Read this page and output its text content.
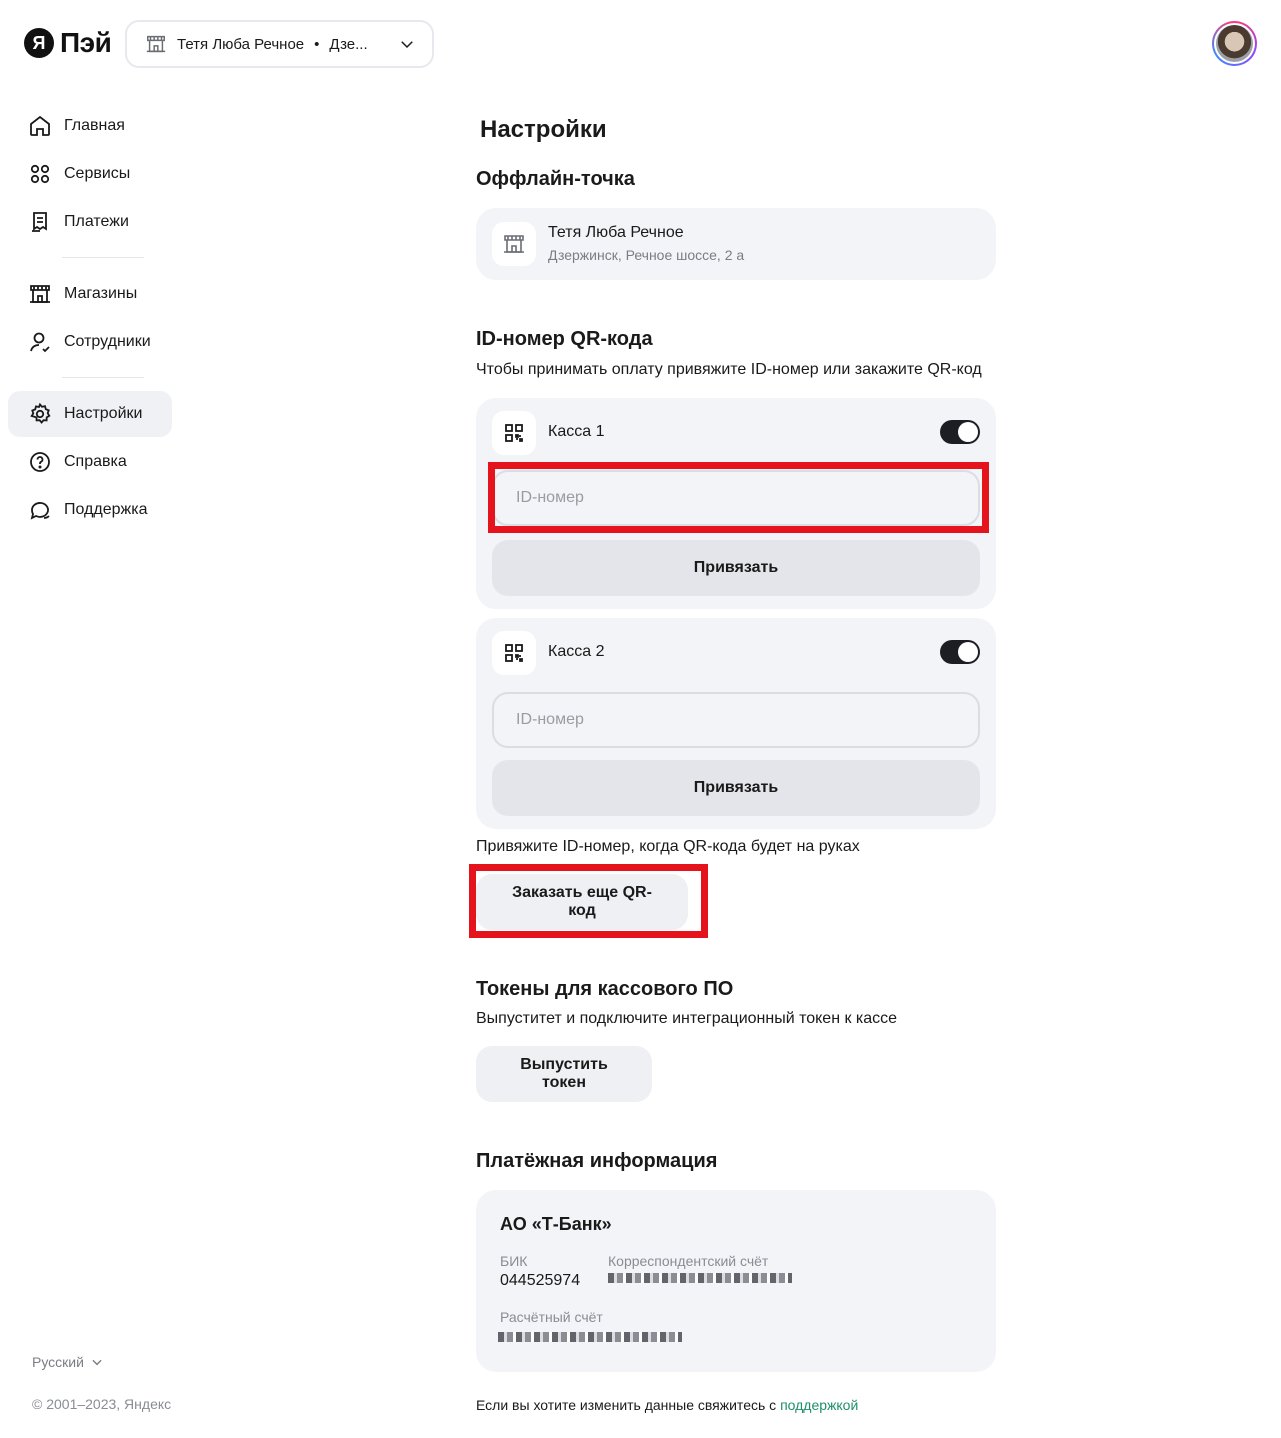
Я Пэй	Тетя Люба Речное • Дзе...
Главная
Сервисы
Платежи
Магазины
Сотрудники
Настройки
Справка
Поддержка
Русский
© 2001–2023, Яндекс
Настройки
Оффлайн-точка
Тетя Люба Речное
Дзержинск, Речное шоссе, 2 а
ID-номер QR-кода

Чтобы принимать оплату привяжите ID-номер или закажите QR-код

Касса 1
ID-номер
Привязать
Касса 2
ID-номер
Привязать

Привяжите ID-номер, когда QR-кода будет на руках

Заказать еще QR-код
Токены для кассового ПО

Выпуститет и подключите интеграционный токен к кассе

Выпустить токен
Платёжная информация
АО «Т-Банк»
БИК
044525974
Корреспондентский счёт
Расчётный счёт

Если вы хотите изменить данные свяжитесь с поддержкой
